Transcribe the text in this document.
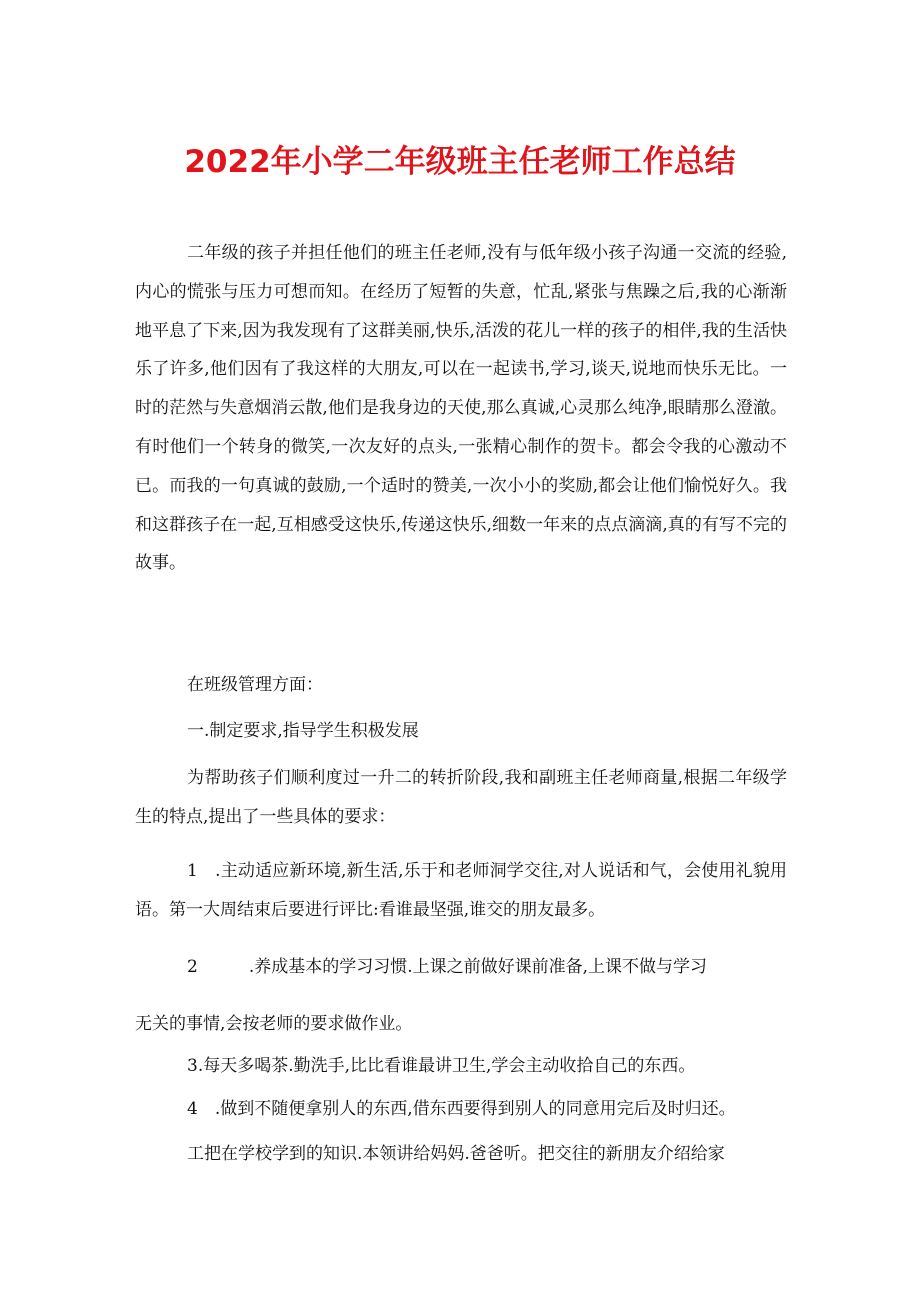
2022年小学二年级班主任老师工作总结

二年级的孩子并担任他们的班主任老师,没有与低年级小孩子沟通一交流的经验,内心的慌张与压力可想而知。在经历了短暂的失意，忙乱,紧张与焦躁之后,我的心渐渐地平息了下来,因为我发现有了这群美丽,快乐,活泼的花儿一样的孩子的相伴,我的生活快乐了许多,他们因有了我这样的大朋友,可以在一起读书,学习,谈天,说地而快乐无比。一时的茫然与失意烟消云散,他们是我身边的天使,那么真诚,心灵那么纯净,眼睛那么澄澈。有时他们一个转身的微笑,一次友好的点头,一张精心制作的贺卡。都会令我的心激动不已。而我的一句真诚的鼓励,一个适时的赞美,一次小小的奖励,都会让他们愉悦好久。我和这群孩子在一起,互相感受这快乐,传递这快乐,细数一年来的点点滴滴,真的有写不完的故事。

在班级管理方面：

一.制定要求,指导学生积极发展

为帮助孩子们顺利度过一升二的转折阶段,我和副班主任老师商量,根据二年级学生的特点,提出了一些具体的要求：

1　.主动适应新环境,新生活,乐于和老师洞学交往,对人说话和气，会使用礼貌用语。第一大周结束后要进行评比:看谁最坚强,谁交的朋友最多。

2　　　.养成基本的学习习惯.上课之前做好课前准备,上课不做与学习

无关的事情,会按老师的要求做作业。

3.每天多喝茶.勤洗手,比比看谁最讲卫生,学会主动收拾自己的东西。

4　.做到不随便拿别人的东西,借东西要得到别人的同意用完后及时归还。

工把在学校学到的知识.本领讲给妈妈.爸爸听。把交往的新朋友介绍给家
